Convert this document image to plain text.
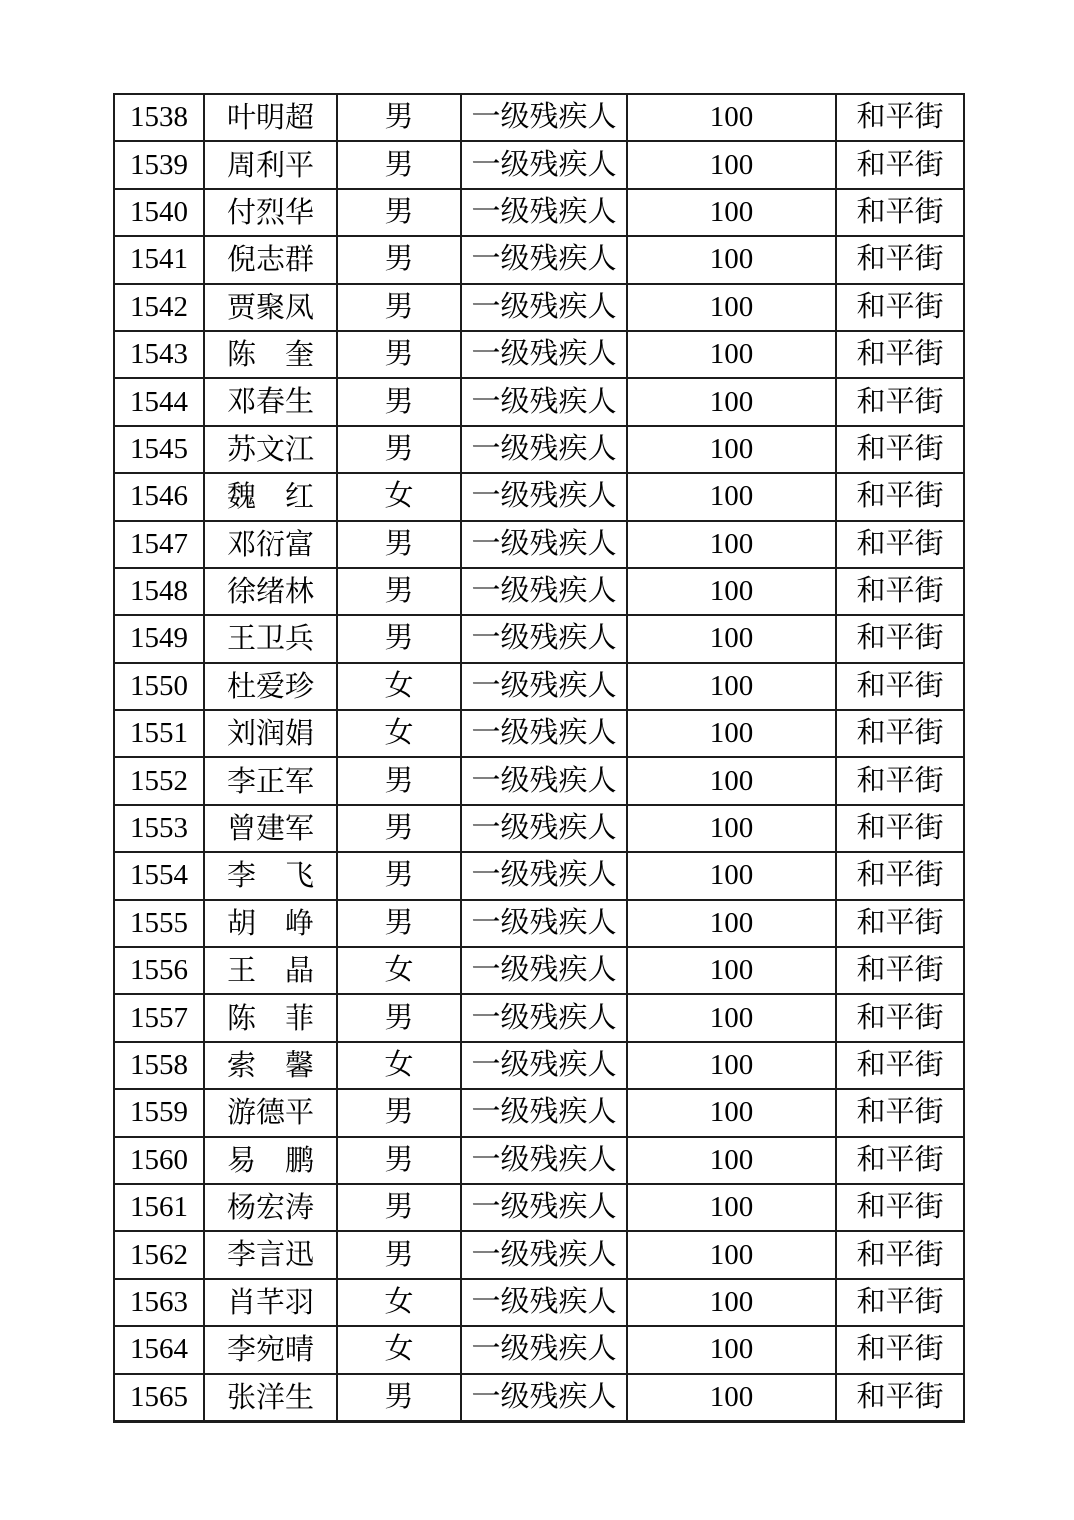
1538	叶明超	男	一级残疾人	100	和平街
1539	周利平	男	一级残疾人	100	和平街
1540	付烈华	男	一级残疾人	100	和平街
1541	倪志群	男	一级残疾人	100	和平街
1542	贾聚凤	男	一级残疾人	100	和平街
1543	陈奎	男	一级残疾人	100	和平街
1544	邓春生	男	一级残疾人	100	和平街
1545	苏文江	男	一级残疾人	100	和平街
1546	魏红	女	一级残疾人	100	和平街
1547	邓衍富	男	一级残疾人	100	和平街
1548	徐绪林	男	一级残疾人	100	和平街
1549	王卫兵	男	一级残疾人	100	和平街
1550	杜爱珍	女	一级残疾人	100	和平街
1551	刘润娟	女	一级残疾人	100	和平街
1552	李正军	男	一级残疾人	100	和平街
1553	曾建军	男	一级残疾人	100	和平街
1554	李飞	男	一级残疾人	100	和平街
1555	胡峥	男	一级残疾人	100	和平街
1556	王晶	女	一级残疾人	100	和平街
1557	陈菲	男	一级残疾人	100	和平街
1558	索馨	女	一级残疾人	100	和平街
1559	游德平	男	一级残疾人	100	和平街
1560	易鹏	男	一级残疾人	100	和平街
1561	杨宏涛	男	一级残疾人	100	和平街
1562	李言迅	男	一级残疾人	100	和平街
1563	肖芊羽	女	一级残疾人	100	和平街
1564	李宛晴	女	一级残疾人	100	和平街
1565	张洋生	男	一级残疾人	100	和平街
